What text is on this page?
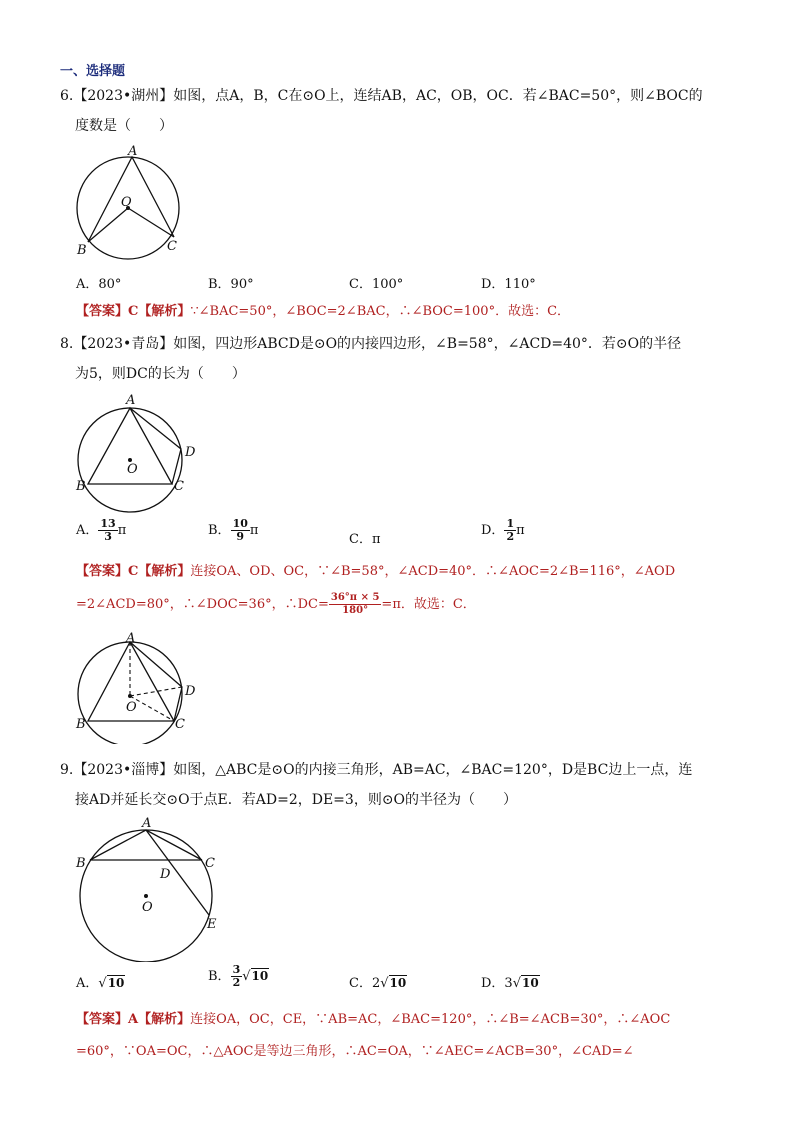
一、选择题
6.【2023•湖州】如图，点A，B，C在⊙O上，连结AB，AC，OB，OC．若∠BAC=50°，则∠BOC的
度数是（　　）
A
O
B	C
A．80°	B．90°	C．100°	D．110°
【答案】C【解析】∵∠BAC=50°，∠BOC=2∠BAC，∴∠BOC=100°．故选：C．
8.【2023•青岛】如图，四边形ABCD是⊙O的内接四边形，∠B=58°，∠ACD=40°．若⊙O的半径
为5，则DC的长为（　　）
A
D
O
B	C
A． $\frac{13}{3}$ π	B． $\frac{10}{9}$ π
C．π
D． $\frac{1}{2}$ π
【答案】C【解析】连接OA、OD、OC，∵∠B=58°，∠ACD=40°．∴∠AOC=2∠B=116°，∠AOD
=2∠ACD=80°，∴∠DOC=36°，∴DC= $\frac{36^\circ\pi \times 5}{180^\circ} =\pi$．故选：C．
A
D
O
B	C
9.【2023•淄博】如图，△ABC是⊙O的内接三角形，AB=AC，∠BAC=120°，D是BC边上一点，连
接AD并延长交⊙O于点E．若AD=2，DE=3，则⊙O的半径为（　　）
A
B	C
D
O
E
A．√10	B． $\frac{3}{2} √10$	C．2√10	D．3√10
【答案】A【解析】连接OA，OC，CE，∵AB=AC，∠BAC=120°，∴∠B=∠ACB=30°，∴∠AOC
=60°，∵OA=OC，∴△AOC是等边三角形，∴AC=OA，∵∠AEC=∠ACB=30°，∠CAD=∠
